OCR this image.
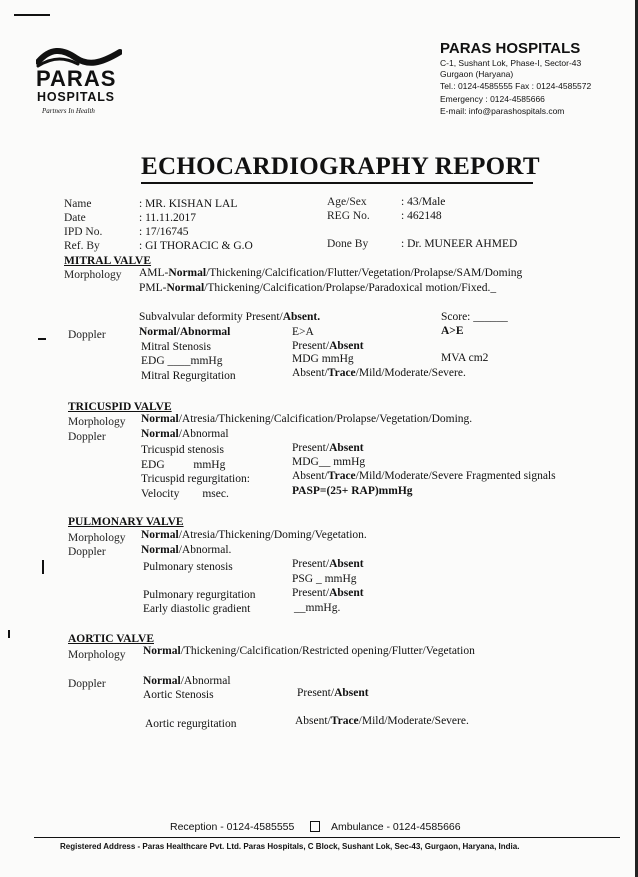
PARAS
HOSPITALS
Partners In Health
PARAS HOSPITALS
C-1, Sushant Lok, Phase-I, Sector-43
Gurgaon (Haryana)
Tel.: 0124-4585555 Fax : 0124-4585572
Emergency : 0124-4585666
E-mail: info@parashospitals.com
ECHOCARDIOGRAPHY REPORT
Name	: MR. KISHAN LAL
Date	: 11.11.2017
IPD No.	: 17/16745
Ref. By	: GI THORACIC & G.O
Age/Sex	: 43/Male
REG No.	: 462148
Done By	: Dr. MUNEER AHMED
MITRAL VALVE
Morphology AML-Normal/Thickening/Calcification/Flutter/Vegetation/Prolapse/SAM/Doming
PML-Normal/Thickening/Calcification/Prolapse/Paradoxical motion/Fixed._
Subvalvular deformity Present/Absent.	Score: ______
Doppler	Normal/Abnormal	E>A	A>E
Mitral Stenosis	Present/Absent
EDG ____mmHg	MDG mmHg	MVA cm2
Mitral Regurgitation	Absent/Trace/Mild/Moderate/Severe.
TRICUSPID VALVE
Morphology Normal/Atresia/Thickening/Calcification/Prolapse/Vegetation/Doming.
Doppler	Normal/Abnormal
Tricuspid stenosis	Present/Absent
EDG          mmHg	MDG__ mmHg
Tricuspid regurgitation:	Absent/Trace/Mild/Moderate/Severe Fragmented signals
Velocity        msec.	PASP=(25+ RAP)mmHg
PULMONARY VALVE
Morphology Normal/Atresia/Thickening/Doming/Vegetation.
Doppler	Normal/Abnormal.
Pulmonary stenosis	Present/Absent
PSG _ mmHg
Pulmonary regurgitation	Present/Absent
Early diastolic gradient	__mmHg.
AORTIC VALVE
Morphology Normal/Thickening/Calcification/Restricted opening/Flutter/Vegetation
Doppler	Normal/Abnormal
Aortic Stenosis	Present/Absent
Aortic regurgitation	Absent/Trace/Mild/Moderate/Severe.
Reception - 0124-4585555	Ambulance - 0124-4585666
Registered Address - Paras Healthcare Pvt. Ltd. Paras Hospitals, C Block, Sushant Lok, Sec-43, Gurgaon, Haryana, India.
